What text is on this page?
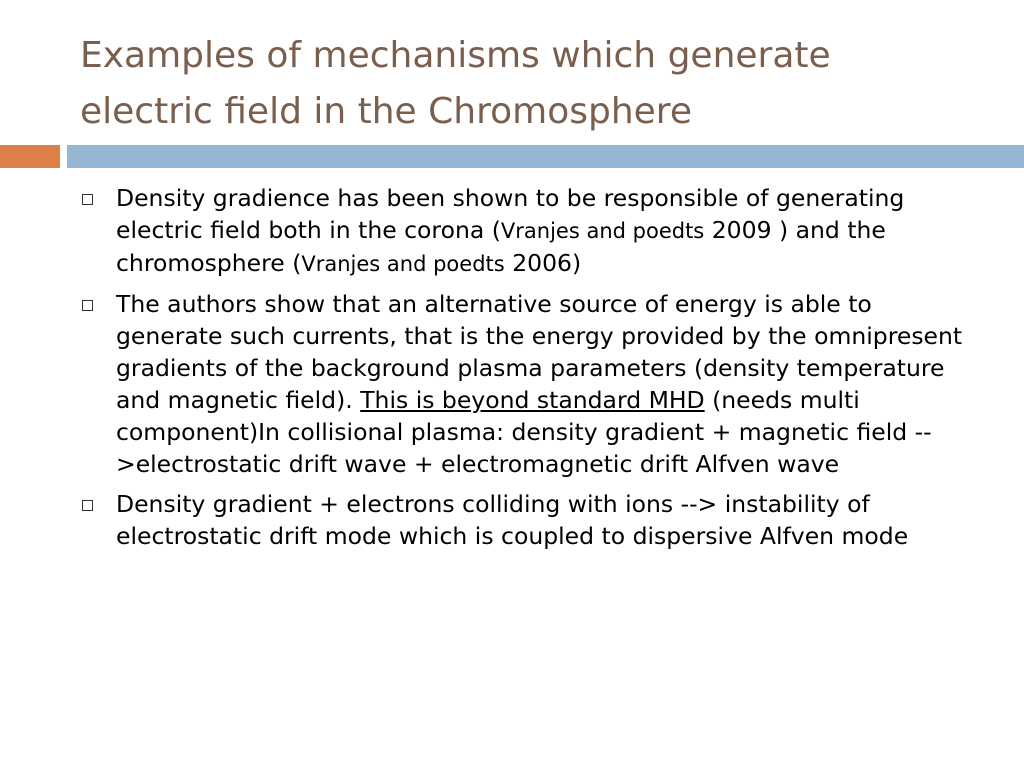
Examples of mechanisms which generate
electric field in the Chromosphere
Density gradience has been shown to be responsible of generating electric field both in the corona (Vranjes and poedts 2009 ) and the chromosphere (Vranjes and poedts 2006)
The authors show that an alternative source of energy is able to generate such currents, that is the energy provided by the omnipresent gradients of the background plasma parameters (density temperature and magnetic field). This is beyond standard MHD (needs multi component)In collisional plasma: density gradient + magnetic field -->electrostatic drift wave + electromagnetic drift Alfven wave
Density gradient + electrons colliding with ions --> instability of electrostatic drift mode which is coupled to dispersive Alfven mode
